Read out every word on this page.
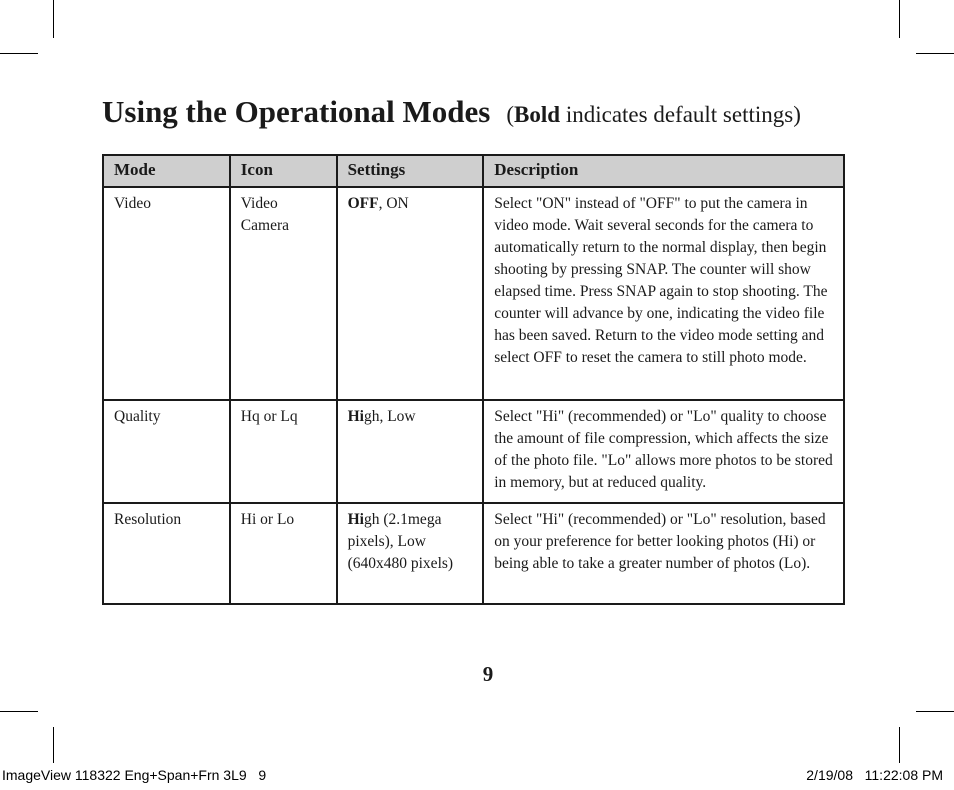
Using the Operational Modes (Bold indicates default settings)
Mode	Icon	Settings	Description
Video	Video Camera	OFF, ON	Select "ON" instead of "OFF" to put the camera in video mode. Wait several seconds for the camera to automatically return to the normal display, then begin shooting by pressing SNAP. The counter will show elapsed time. Press SNAP again to stop shooting. The counter will advance by one, indicating the video file has been saved. Return to the video mode setting and select OFF to reset the camera to still photo mode.
Quality	Hq or Lq	High, Low	Select "Hi" (recommended) or "Lo" quality to choose the amount of file compression, which affects the size of the photo file. "Lo" allows more photos to be stored in memory, but at reduced quality.
Resolution	Hi or Lo	High (2.1mega pixels), Low (640x480 pixels)	Select "Hi" (recommended) or "Lo" resolution, based on your preference for better looking photos (Hi) or being able to take a greater number of photos (Lo).
9
ImageView 118322 Eng+Span+Frn 3L9   9	2/19/08   11:22:08 PM
